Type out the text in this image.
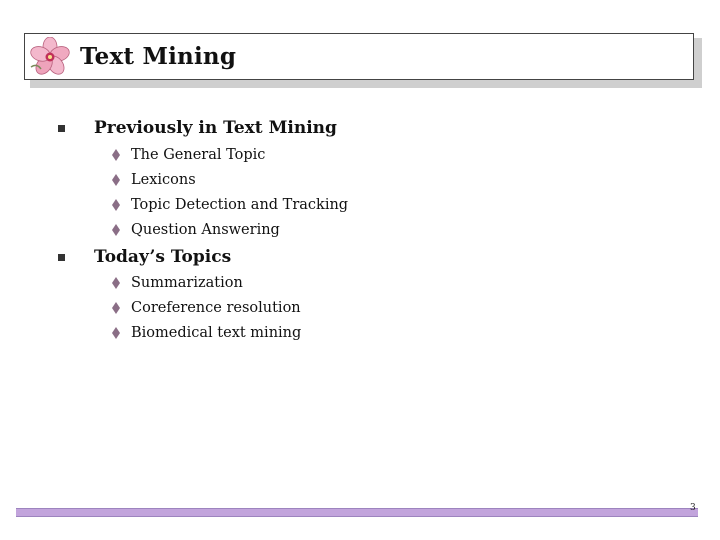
Text Mining
Previously in Text Mining
The General Topic
Lexicons
Topic Detection and Tracking
Question Answering
Today’s Topics
Summarization
Coreference resolution
Biomedical text mining
3
